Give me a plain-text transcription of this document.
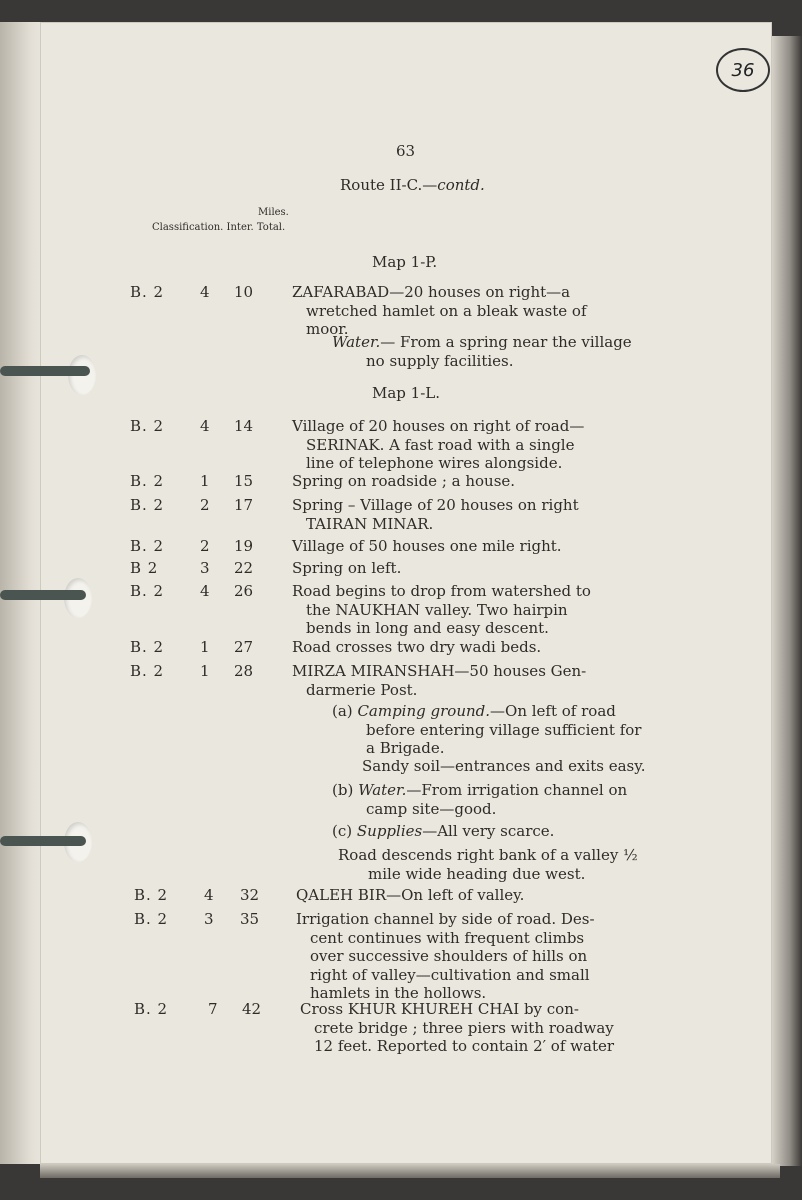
36
63
Route II-C.—contd.
Miles.
Classification. Inter. Total.
Map 1-P.
B. 2 4 10	ZAFARABAD—20 houses on right—a
wretched hamlet on a bleak waste of
moor.
Water.— From a spring near the village
no supply facilities.
Map 1-L.
B. 2 4 14	Village of 20 houses on right of road—
SERINAK. A fast road with a single
line of telephone wires alongside.
B. 2 1 15	Spring on roadside ; a house.
B. 2 2 17	Spring – Village of 20 houses on right
TAIRAN MINAR.
B. 2 2 19	Village of 50 houses one mile right.
B 2	3 22	Spring on left.
B. 2 4 26	Road begins to drop from watershed to
the NAUKHAN valley. Two hairpin
bends in long and easy descent.
B. 2 1 27	Road crosses two dry wadi beds.
B. 2 1 28	MIRZA MIRANSHAH—50 houses Gen-
darmerie Post.
(a) Camping ground.—On left of road
before entering village sufficient for
a Brigade.
Sandy soil—entrances and exits easy.
(b) Water.—From irrigation channel on
camp site—good.
(c) Supplies—All very scarce.
Road descends right bank of a valley ½
mile wide heading due west.
B. 2 4 32 QALEH BIR—On left of valley.
B. 2 3 35 Irrigation channel by side of road. Des-
cent continues with frequent climbs
over successive shoulders of hills on
right of valley—cultivation and small
hamlets in the hollows.
B. 2	7 42	Cross KHUR KHUREH CHAI by con-
crete bridge ; three piers with roadway
12 feet. Reported to contain 2′ of water
